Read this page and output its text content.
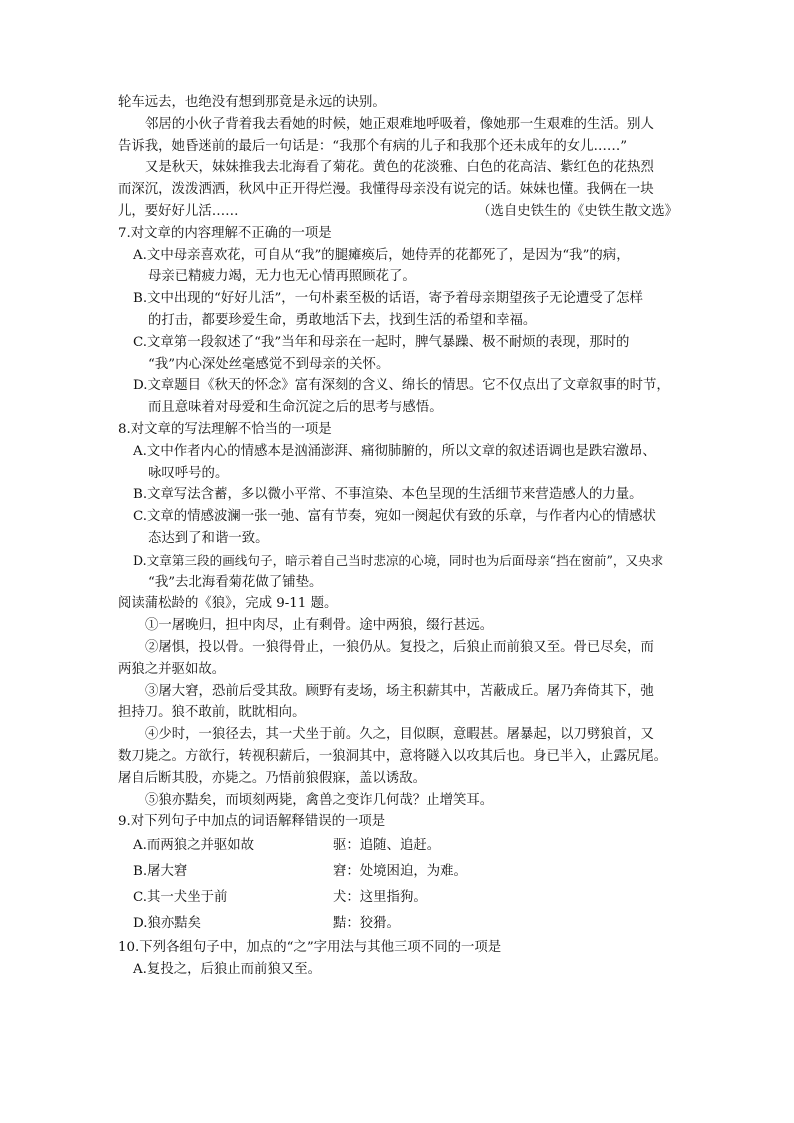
轮车远去，也绝没有想到那竟是永远的诀别。
邻居的小伙子背着我去看她的时候，她正艰难地呼吸着，像她那一生艰难的生活。别人
告诉我，她昏迷前的最后一句话是：“我那个有病的儿子和我那个还未成年的女儿……”
又是秋天，妹妹推我去北海看了菊花。黄色的花淡雅、白色的花高洁、紫红色的花热烈
而深沉，泼泼洒洒，秋风中正开得烂漫。我懂得母亲没有说完的话。妹妹也懂。我俩在一块
儿，要好好儿活……	（选自史铁生的《史铁生散文选》
7.对文章的内容理解不正确的一项是
A.文中母亲喜欢花，可自从“我”的腿瘫痪后，她侍弄的花都死了，是因为“我”的病，
母亲已精疲力竭，无力也无心情再照顾花了。
B.文中出现的“好好儿活”，一句朴素至极的话语，寄予着母亲期望孩子无论遭受了怎样
的打击，都要珍爱生命，勇敢地活下去，找到生活的希望和幸福。
C.文章第一段叙述了“我”当年和母亲在一起时，脾气暴躁、极不耐烦的表现，那时的
“我”内心深处丝毫感觉不到母亲的关怀。
D.文章题目《秋天的怀念》富有深刻的含义、绵长的情思。它不仅点出了文章叙事的时节，
而且意味着对母爱和生命沉淀之后的思考与感悟。
8.对文章的写法理解不恰当的一项是
A.文中作者内心的情感本是汹涌澎湃、痛彻肺腑的，所以文章的叙述语调也是跌宕激昂、
咏叹呼号的。
B.文章写法含蓄，多以微小平常、不事渲染、本色呈现的生活细节来营造感人的力量。
C.文章的情感波澜一张一弛、富有节奏，宛如一阕起伏有致的乐章，与作者内心的情感状
态达到了和谐一致。
D.文章第三段的画线句子，暗示着自己当时悲凉的心境，同时也为后面母亲“挡在窗前”，又央求
“我”去北海看菊花做了铺垫。
阅读蒲松龄的《狼》，完成 9-11 题。
①一屠晚归，担中肉尽，止有剩骨。途中两狼，缀行甚远。
②屠惧，投以骨。一狼得骨止，一狼仍从。复投之，后狼止而前狼又至。骨已尽矣，而
两狼之并驱如故。
③屠大窘，恐前后受其敌。顾野有麦场，场主积薪其中，苫蔽成丘。屠乃奔倚其下，弛
担持刀。狼不敢前，眈眈相向。
④少时，一狼径去，其一犬坐于前。久之，目似瞑，意暇甚。屠暴起，以刀劈狼首，又
数刀毙之。方欲行，转视积薪后，一狼洞其中，意将隧入以攻其后也。身已半入，止露尻尾。
屠自后断其股，亦毙之。乃悟前狼假寐，盖以诱敌。
⑤狼亦黠矣，而顷刻两毙，禽兽之变诈几何哉？止增笑耳。
9.对下列句子中加点的词语解释错误的一项是
A.而两狼之并驱如故	驱：追随、追赶。
B.屠大窘	窘：处境困迫，为难。
C.其一犬坐于前	犬：这里指狗。
D.狼亦黠矣	黠：狡猾。
10.下列各组句子中，加点的“之”字用法与其他三项不同的一项是
A.复投之，后狼止而前狼又至。
